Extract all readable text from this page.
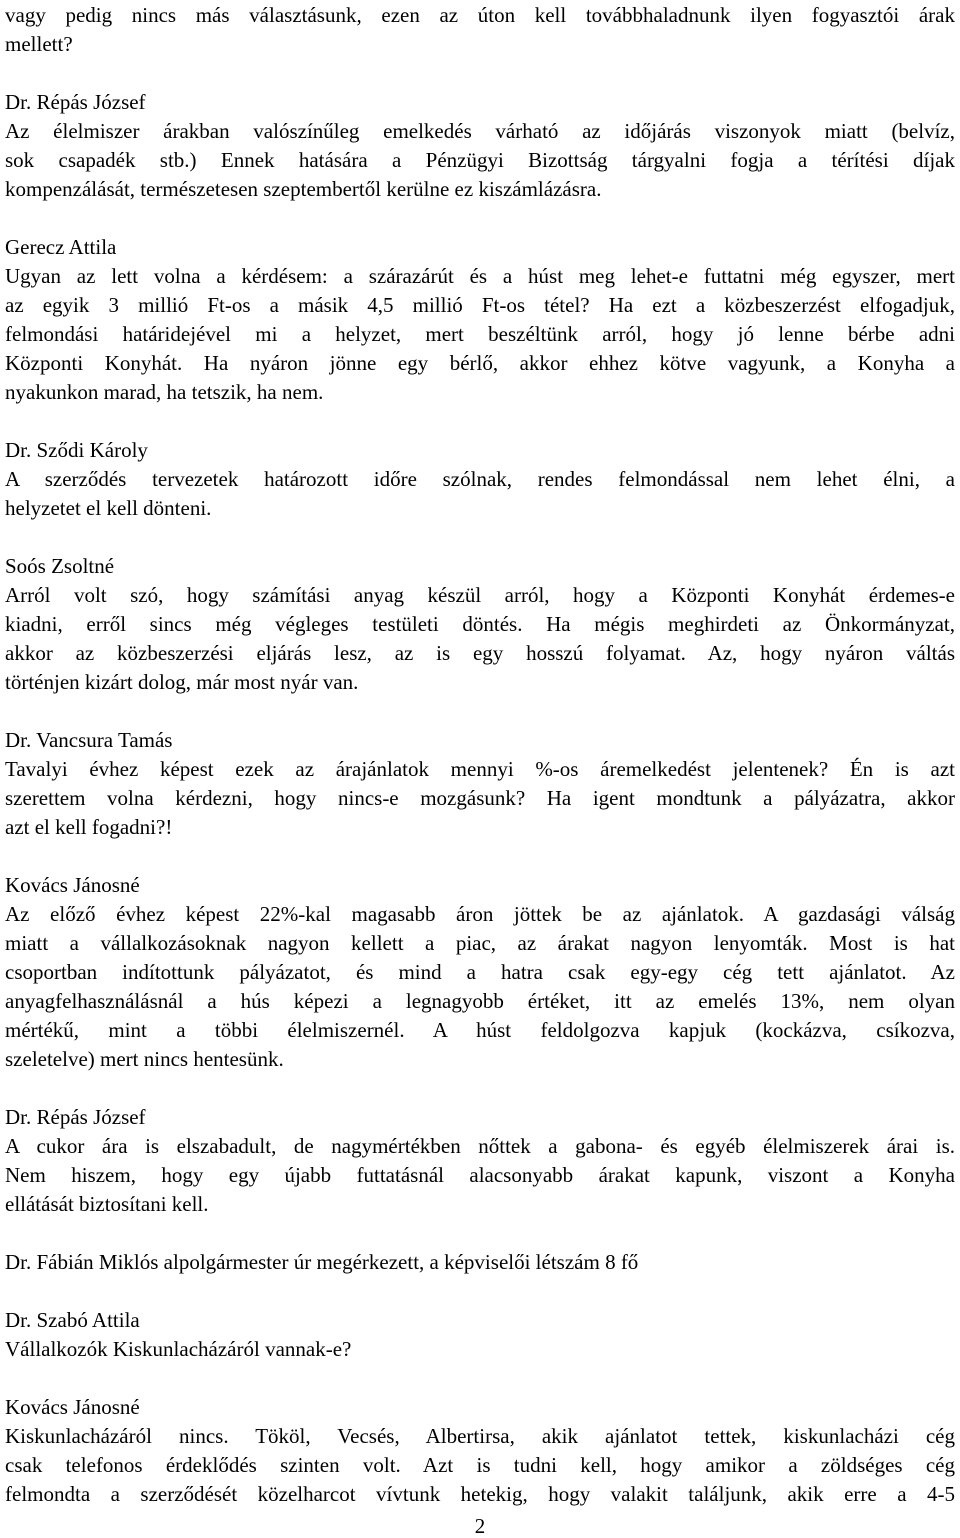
vagy pedig nincs más választásunk, ezen az úton kell továbbhaladnunk ilyen fogyasztói árak
mellett?
Dr. Répás József
Az élelmiszer árakban valószínűleg emelkedés várható az időjárás viszonyok miatt (belvíz,
sok csapadék stb.) Ennek hatására a Pénzügyi Bizottság tárgyalni fogja a térítési díjak
kompenzálását, természetesen szeptembertől kerülne ez kiszámlázásra.
Gerecz Attila
Ugyan az lett volna a kérdésem: a szárazárút és a húst meg lehet-e futtatni még egyszer, mert
az egyik 3 millió Ft-os a másik 4,5 millió Ft-os tétel? Ha ezt a közbeszerzést elfogadjuk,
felmondási határidejével mi a helyzet, mert beszéltünk arról, hogy jó lenne bérbe adni
Központi Konyhát. Ha nyáron jönne egy bérlő, akkor ehhez kötve vagyunk, a Konyha a
nyakunkon marad, ha tetszik, ha nem.
Dr. Sződi Károly
A szerződés tervezetek határozott időre szólnak, rendes felmondással nem lehet élni, a
helyzetet el kell dönteni.
Soós Zsoltné
Arról volt szó, hogy számítási anyag készül arról, hogy a Központi Konyhát érdemes-e
kiadni, erről sincs még végleges testületi döntés. Ha mégis meghirdeti az Önkormányzat,
akkor az közbeszerzési eljárás lesz, az is egy hosszú folyamat. Az, hogy nyáron váltás
történjen kizárt dolog, már most nyár van.
Dr. Vancsura Tamás
Tavalyi évhez képest ezek az árajánlatok mennyi %-os áremelkedést jelentenek? Én is azt
szerettem volna kérdezni, hogy nincs-e mozgásunk? Ha igent mondtunk a pályázatra, akkor
azt el kell fogadni?!
Kovács Jánosné
Az előző évhez képest 22%-kal magasabb áron jöttek be az ajánlatok. A gazdasági válság
miatt a vállalkozásoknak nagyon kellett a piac, az árakat nagyon lenyomták. Most is hat
csoportban indítottunk pályázatot, és mind a hatra csak egy-egy cég tett ajánlatot. Az
anyagfelhasználásnál a hús képezi a legnagyobb értéket, itt az emelés 13%, nem olyan
mértékű, mint a többi élelmiszernél. A húst feldolgozva kapjuk (kockázva, csíkozva,
szeletelve) mert nincs hentesünk.
Dr. Répás József
A cukor ára is elszabadult, de nagymértékben nőttek a gabona- és egyéb élelmiszerek árai is.
Nem hiszem, hogy egy újabb futtatásnál alacsonyabb árakat kapunk, viszont a Konyha
ellátását biztosítani kell.
Dr. Fábián Miklós alpolgármester úr megérkezett, a képviselői létszám 8 fő
Dr. Szabó Attila
Vállalkozók Kiskunlacházáról vannak-e?
Kovács Jánosné
Kiskunlacházáról nincs. Tököl, Vecsés, Albertirsa, akik ajánlatot tettek, kiskunlacházi cég
csak telefonos érdeklődés szinten volt. Azt is tudni kell, hogy amikor a zöldséges cég
felmondta a szerződését közelharcot vívtunk hetekig, hogy valakit találjunk, akik erre a 4-5
2
